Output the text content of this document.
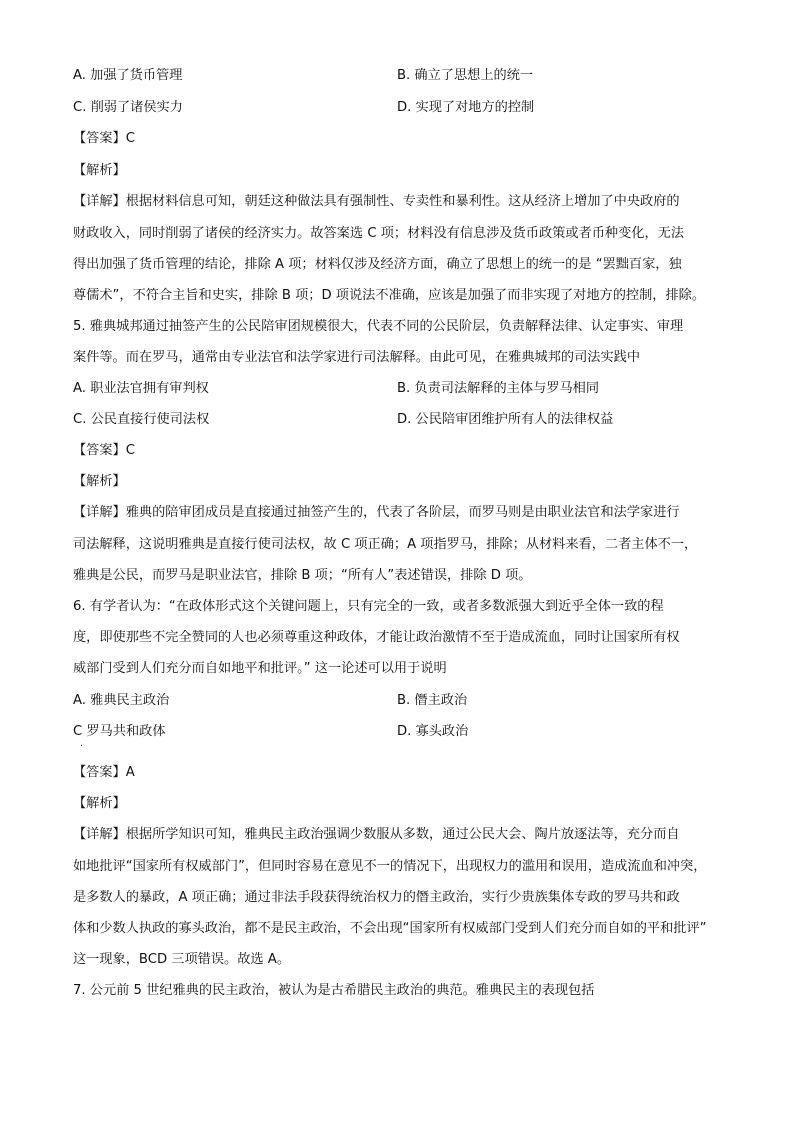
A. 加强了货币管理	B. 确立了思想上的统一
C. 削弱了诸侯实力	D. 实现了对地方的控制
【答案】C
【解析】
【详解】根据材料信息可知，朝廷这种做法具有强制性、专卖性和暴利性。这从经济上增加了中央政府的
财政收入，同时削弱了诸侯的经济实力。故答案选 C 项；材料没有信息涉及货币政策或者币种变化，无法
得出加强了货币管理的结论，排除 A 项；材料仅涉及经济方面，确立了思想上的统一的是 “罢黜百家，独
尊儒术”，不符合主旨和史实，排除 B 项；D 项说法不准确，应该是加强了而非实现了对地方的控制，排除。
5. 雅典城邦通过抽签产生的公民陪审团规模很大，代表不同的公民阶层，负责解释法律、认定事实、审理
案件等。而在罗马，通常由专业法官和法学家进行司法解释。由此可见，在雅典城邦的司法实践中
A. 职业法官拥有审判权	B. 负责司法解释的主体与罗马相同
C. 公民直接行使司法权	D. 公民陪审团维护所有人的法律权益
【答案】C
【解析】
【详解】雅典的陪审团成员是直接通过抽签产生的，代表了各阶层，而罗马则是由职业法官和法学家进行
司法解释，这说明雅典是直接行使司法权，故 C 项正确；A 项指罗马，排除；从材料来看，二者主体不一，
雅典是公民，而罗马是职业法官，排除 B 项；“所有人”表述错误，排除 D 项。
6. 有学者认为：“在政体形式这个关键问题上，只有完全的一致，或者多数派强大到近乎全体一致的程
度，即使那些不完全赞同的人也必须尊重这种政体，才能让政治激情不至于造成流血，同时让国家所有权
威部门受到人们充分而自如地平和批评。” 这一论述可以用于说明
A. 雅典民主政治	B. 僭主政治
C 罗马共和政体	D. 寡头政治
·
【答案】A
【解析】
【详解】根据所学知识可知，雅典民主政治强调少数服从多数，通过公民大会、陶片放逐法等，充分而自
如地批评“国家所有权威部门”，但同时容易在意见不一的情况下，出现权力的滥用和误用，造成流血和冲突，
是多数人的暴政，A 项正确；通过非法手段获得统治权力的僭主政治，实行少贵族集体专政的罗马共和政
体和少数人执政的寡头政治，都不是民主政治，不会出现“国家所有权威部门受到人们充分而自如的平和批评”
这一现象，BCD 三项错误。故选 A。
7. 公元前 5 世纪雅典的民主政治，被认为是古希腊民主政治的典范。雅典民主的表现包括
